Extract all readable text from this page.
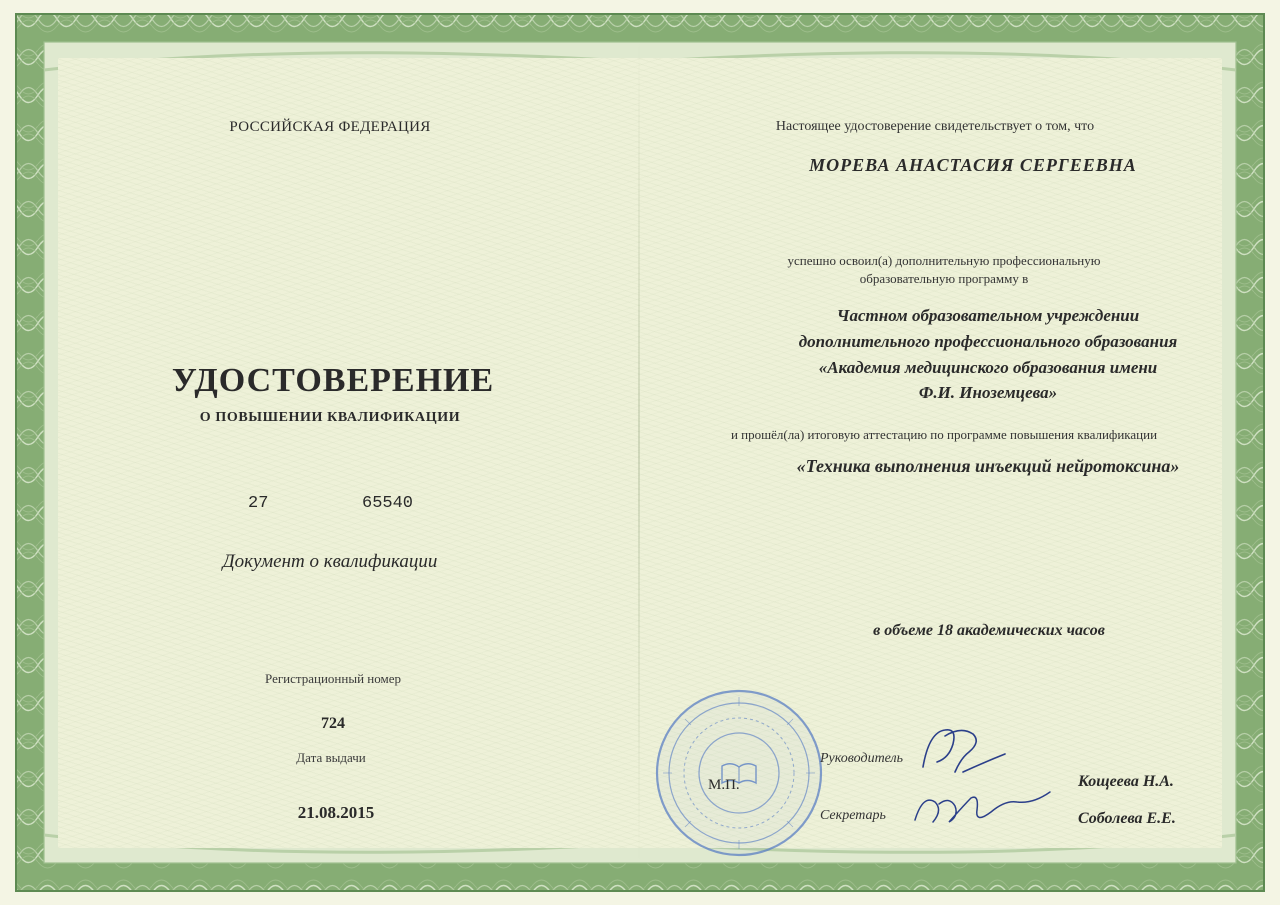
РОССИЙСКАЯ ФЕДЕРАЦИЯ
УДОСТОВЕРЕНИЕ
О ПОВЫШЕНИИ КВАЛИФИКАЦИИ
27	65540
Документ о квалификации
Регистрационный номер
724
Дата выдачи
21.08.2015
Настоящее удостоверение свидетельствует о том, что
МОРЕВА АНАСТАСИЯ СЕРГЕЕВНА
успешно освоил(а) дополнительную профессиональную
образовательную программу в
Частном образовательном учреждении
дополнительного профессионального образования
«Академия медицинского образования имени
Ф.И. Иноземцева»
и прошёл(ла) итоговую аттестацию по программе повышения квалификации
«Техника выполнения инъекций нейротоксина»
в объеме 18 академических часов
М.П.
Руководитель
Кощеева Н.А.
Секретарь	Соболева Е.Е.
